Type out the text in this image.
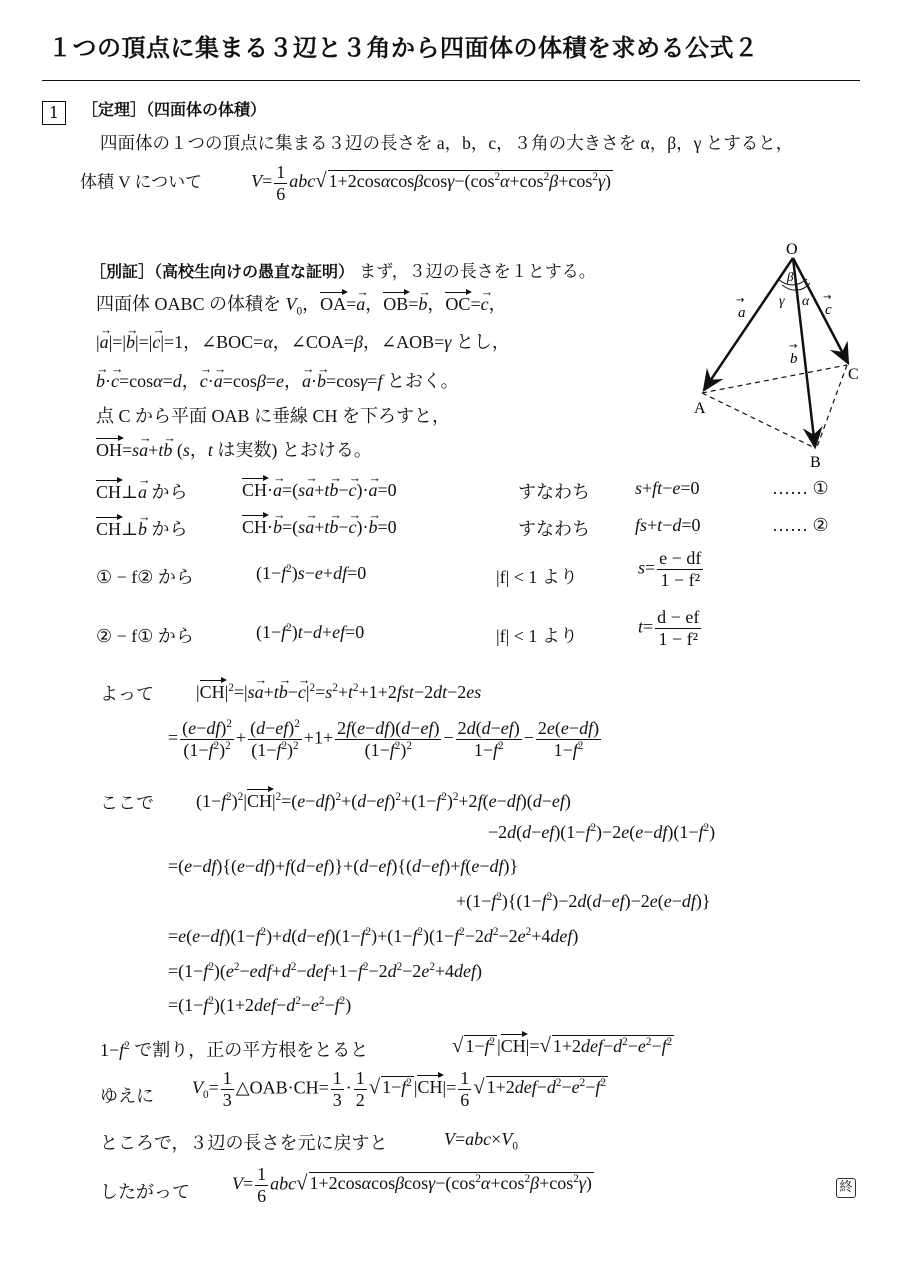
１つの頂点に集まる３辺と３角から四面体の体積を求める公式２
1	［定理］（四面体の体積）
四面体の１つの頂点に集まる３辺の長さを a，b，c，３角の大きさを α，β，γ とすると，
体積 V について	$V= \frac{1}{6} abc√$ $1+2\cos\alpha\cos\beta\cos\gamma-(\cos^2\alpha+\cos^2\beta+\cos^2\gamma)$
［別証］（高校生向けの愚直な証明） まず，３辺の長さを１とする。
四面体 OABC の体積を $V_0$，OA=→ a，OB=→ b，OC=→ c，
|→ a|=|→ b|=|→ c|=1，∠BOC=α，∠COA=β，∠AOB=γ とし，
→ b·→ c=cosα=d，→ c·→ a=cosβ=e，→ a·→ b=cosγ=f とおく。
点 C から平面 OAB に垂線 CH を下ろすと，
OH=s→ a+t→ b (s，t は実数) とおける。
O
A
B
C
β
γ α
a
→
c
→
b
→
CH⊥→ a から	CH·→ a=(s→ a+t→ b−→ c)·→ a=0	すなわち	s+ft−e=0	…… ①
CH⊥→ b から	CH·→ b=(s→ a+t→ b−→ c)·→ b=0	すなわち	fs+t−d=0	…… ②
① − f② から	$(1-f^2)s-e+df=0$	|f| < 1 より	$s= \frac{e - df}{\text{1 − f²}}$
② − f① から	$(1-f^2)t-d+ef=0$	|f| < 1 より	$t= \frac{d - ef}{\text{1 − f²}}$
よって $|CH|^2=|s\to a+t\to b-\to c|^2=s^2+t^2+1+2fst-2dt-2es$
= $\frac{(e-df)^2}{(1-f^2)^2} + \frac{(d-ef)^2}{(1-f^2)^2} +1+ \frac{2f(e-df)(d-ef)}{(1-f^2)^2} - \frac{2d(d-ef)}{1-f^2} - \frac{2e(e-df)}{1-f^2}$
ここで $(1-f^2)^2|CH|^2=(e-df)^2+(d-ef)^2+(1-f^2)^2+2f(e-df)(d-ef)$
$-2d(d-ef)(1-f^2)-2e(e-df)(1-f^2)$
=(e−df){(e−df)+f(d−ef)}+(d−ef){(d−ef)+f(e−df)}
$+(1-f^2)\{(1-f^2)-2d(d-ef)-2e(e-df)\}$
$=e(e-df)(1-f^2)+d(d-ef)(1-f^2)+(1-f^2)(1-f^2-2d^2-2e^2+4def)$
$=(1-f^2)(e^2-edf+d^2-def+1-f^2-2d^2-2e^2+4def)$
$=(1-f^2)(1+2def-d^2-e^2-f^2)$
$1-f^2$ で割り，正の平方根をとると	√ $1-f^2$ |CH|=√ $1+2def-d^2-e^2-f^2$
ゆえに $V_0= \frac{1}{3}$ △OAB·CH= $\frac{1}{3} \cdot \frac{1}{2}$ √ $1-f^2$ $|CH|= \frac{1}{6}$ √ $1+2def-d^2-e^2-f^2$
ところで，３辺の長さを元に戻すと	$V=abc\times V_0$
したがって $V= \frac{1}{6} abc√$ $1+2\cos\alpha\cos\beta\cos\gamma-(\cos^2\alpha+\cos^2\beta+\cos^2\gamma)$	終
